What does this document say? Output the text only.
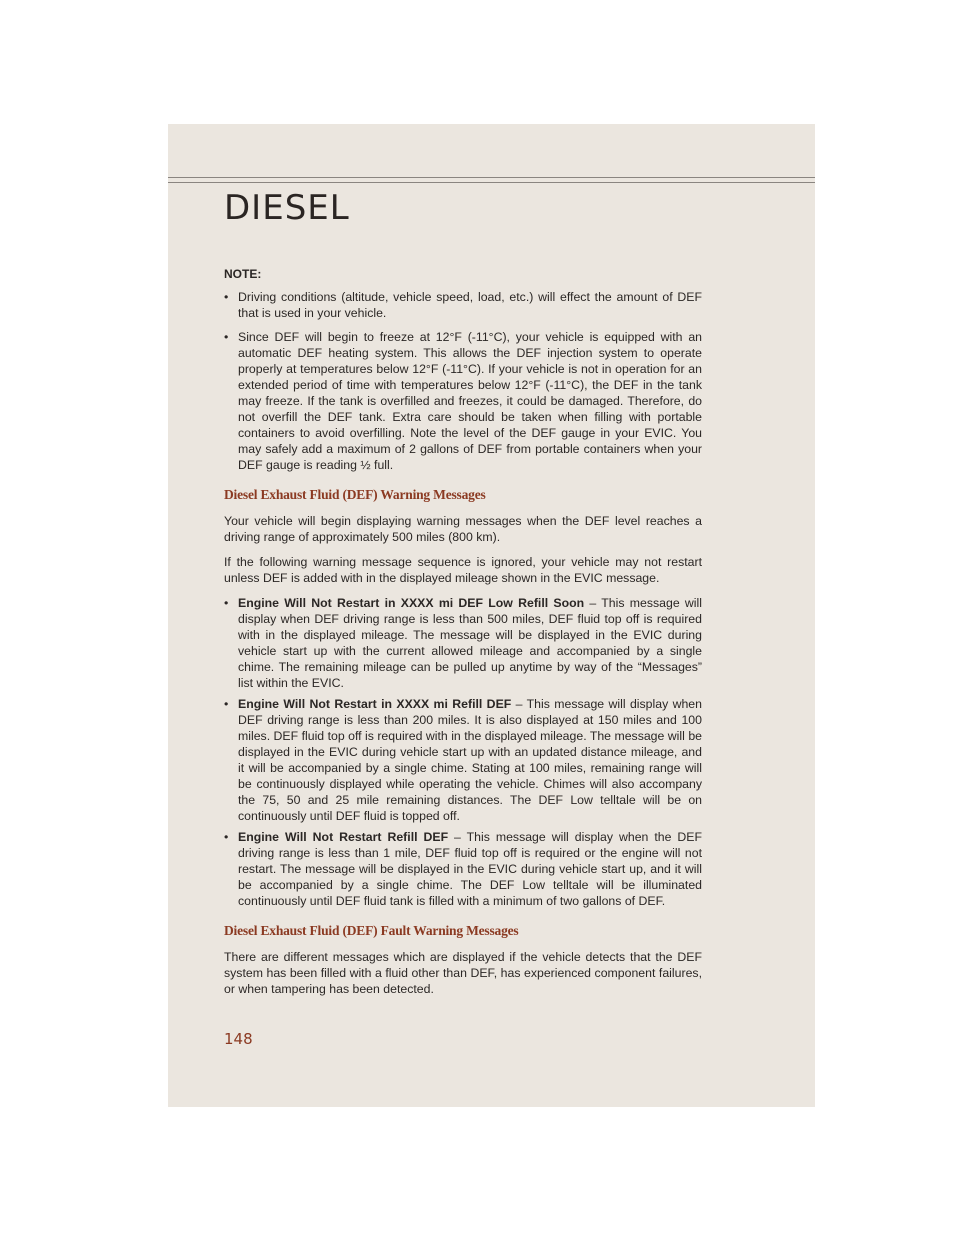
DIESEL
NOTE:
• Driving conditions (altitude, vehicle speed, load, etc.) will effect the amount of DEF that is used in your vehicle.
• Since DEF will begin to freeze at 12°F (-11°C), your vehicle is equipped with an automatic DEF heating system. This allows the DEF injection system to operate properly at temperatures below 12°F (-11°C). If your vehicle is not in operation for an extended period of time with temperatures below 12°F (-11°C), the DEF in the tank may freeze. If the tank is overfilled and freezes, it could be damaged. Therefore, do not overfill the DEF tank. Extra care should be taken when filling with portable containers to avoid overfilling. Note the level of the DEF gauge in your EVIC. You may safely add a maximum of 2 gallons of DEF from portable containers when your DEF gauge is reading ½ full.
Diesel Exhaust Fluid (DEF) Warning Messages

Your vehicle will begin displaying warning messages when the DEF level reaches a driving range of approximately 500 miles (800 km).

If the following warning message sequence is ignored, your vehicle may not restart unless DEF is added with in the displayed mileage shown in the EVIC message.

• Engine Will Not Restart in XXXX mi DEF Low Refill Soon – This message will display when DEF driving range is less than 500 miles, DEF fluid top off is required with in the displayed mileage. The message will be displayed in the EVIC during vehicle start up with the current allowed mileage and accompanied by a single chime. The remaining mileage can be pulled up anytime by way of the “Messages” list within the EVIC.
• Engine Will Not Restart in XXXX mi Refill DEF – This message will display when DEF driving range is less than 200 miles. It is also displayed at 150 miles and 100 miles. DEF fluid top off is required with in the displayed mileage. The message will be displayed in the EVIC during vehicle start up with an updated distance mileage, and it will be accompanied by a single chime. Stating at 100 miles, remaining range will be continuously displayed while operating the vehicle. Chimes will also accompany the 75, 50 and 25 mile remaining distances. The DEF Low telltale will be on continuously until DEF fluid is topped off.
• Engine Will Not Restart Refill DEF – This message will display when the DEF driving range is less than 1 mile, DEF fluid top off is required or the engine will not restart. The message will be displayed in the EVIC during vehicle start up, and it will be accompanied by a single chime. The DEF Low telltale will be illuminated continuously until DEF fluid tank is filled with a minimum of two gallons of DEF.
Diesel Exhaust Fluid (DEF) Fault Warning Messages

There are different messages which are displayed if the vehicle detects that the DEF system has been filled with a fluid other than DEF, has experienced component failures, or when tampering has been detected.

148
